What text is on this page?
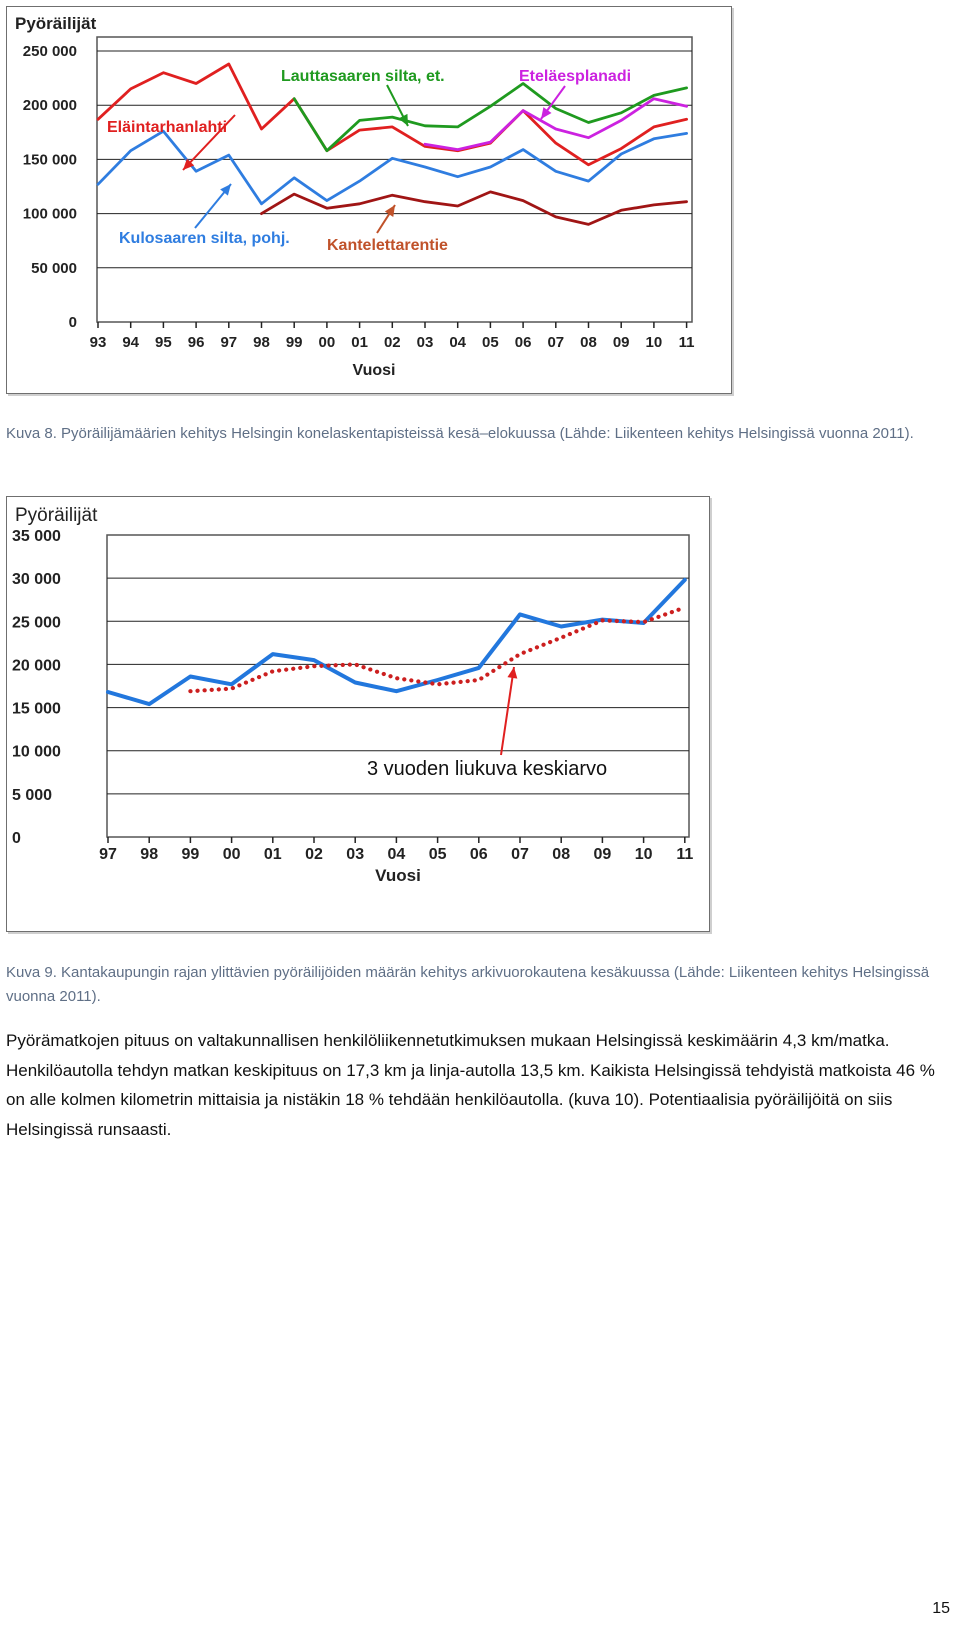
Pyöräilijät
0
50 000
100 000
150 000
200 000
250 000
93 94 95 96 97 98 99 00 01 02 03 04 05 06 07 08 09 10 11
Vuosi
Eläintarhanlahti
Lauttasaaren silta, et.	Eteläesplanadi
Kulosaaren silta, pohj. Kantelettarentie
Kuva 8. Pyöräilijämäärien kehitys Helsingin konelaskentapisteissä kesä–elokuussa (Lähde: Liikenteen kehitys Helsingissä vuonna 2011).
Pyöräilijät
0
5 000
10 000
15 000
20 000
25 000
30 000
35 000
97 98 99 00 01 02 03 04 05 06 07 08 09 10 11
Vuosi
3 vuoden liukuva keskiarvo
Kuva 9. Kantakaupungin rajan ylittävien pyöräilijöiden määrän kehitys arkivuorokautena kesäkuussa (Lähde: Liikenteen kehitys Helsingissä vuonna 2011).
Pyörämatkojen pituus on valtakunnallisen henkilöliikennetutkimuksen mukaan Helsingissä keskimäärin 4,3 km/matka. Henkilöautolla tehdyn matkan keskipituus on 17,3 km ja linja-autolla 13,5 km. Kaikista Helsingissä tehdyistä matkoista 46 % on alle kolmen kilometrin mittaisia ja nistäkin 18 % tehdään henkilöautolla. (kuva 10). Potentiaalisia pyöräilijöitä on siis Helsingissä runsaasti.
15
